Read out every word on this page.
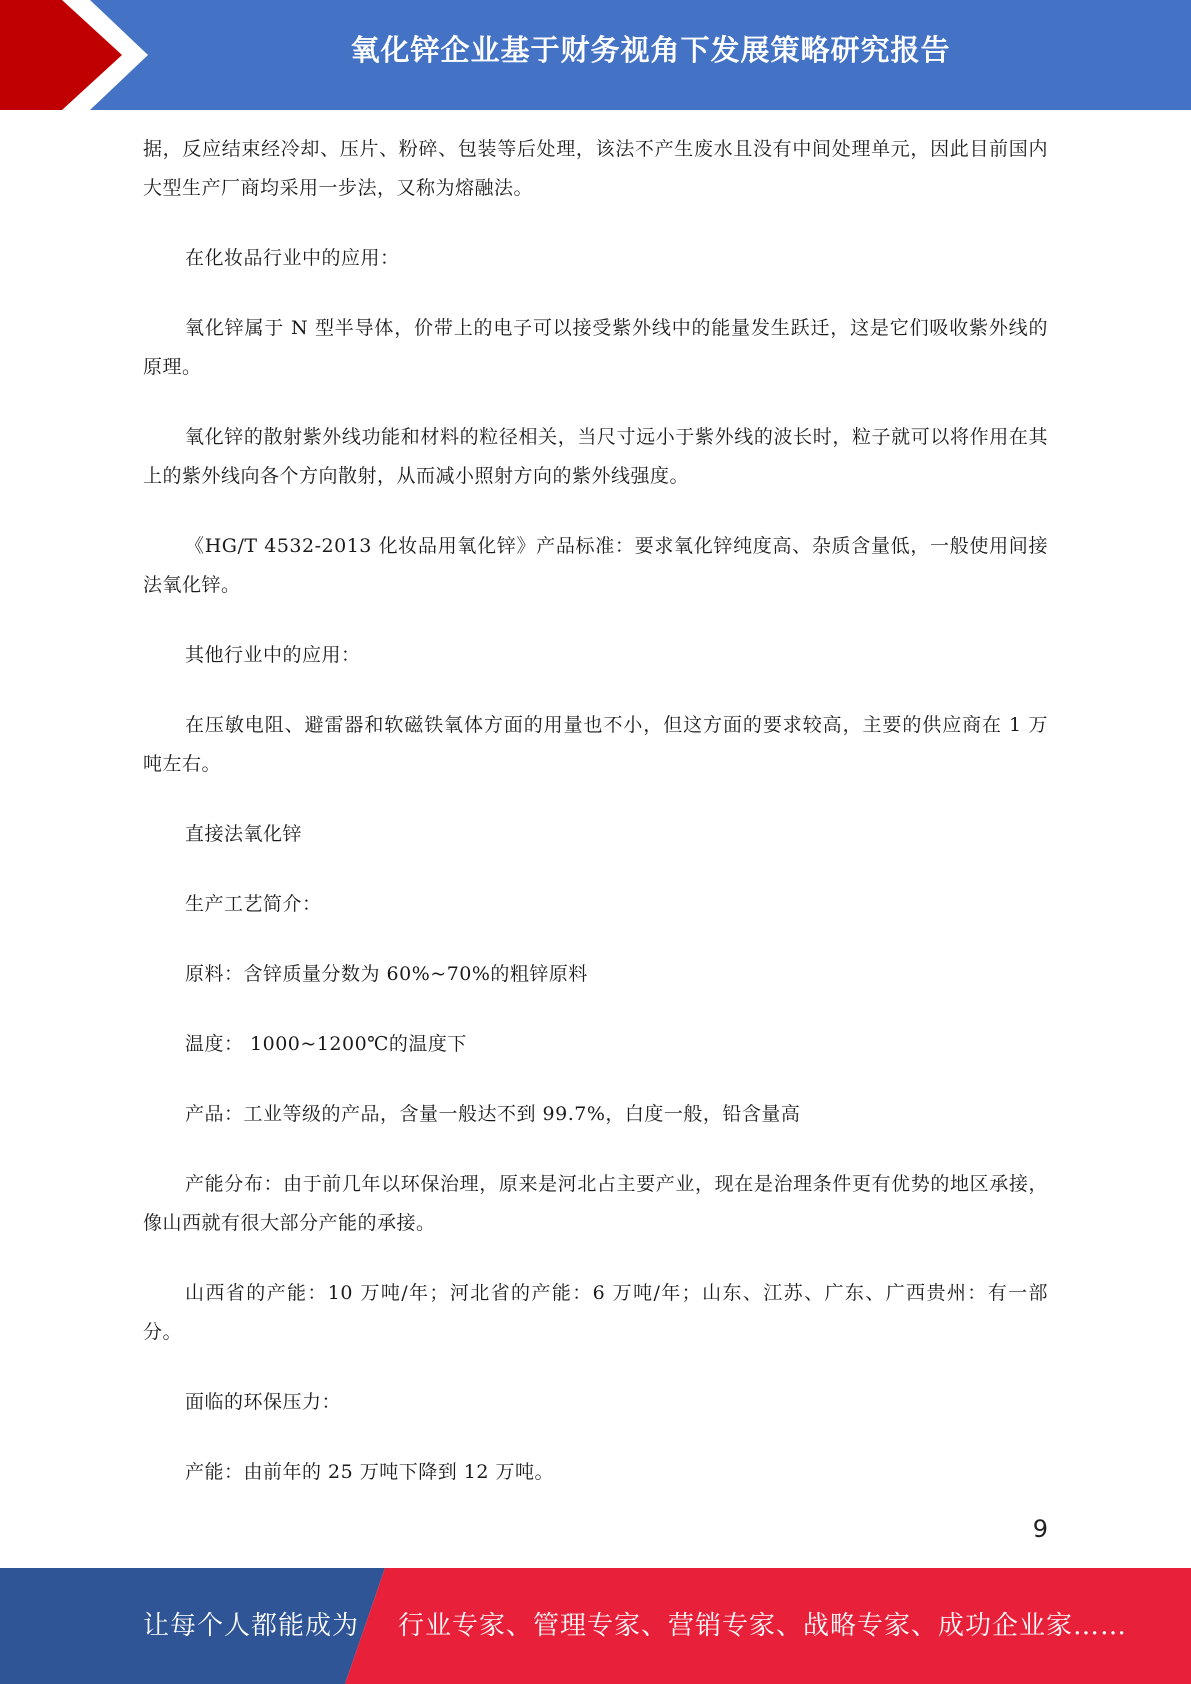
氧化锌企业基于财务视角下发展策略研究报告

据，反应结束经冷却、压片、粉碎、包装等后处理，该法不产生废水且没有中间处理单元，因此目前国内大型生产厂商均采用一步法，又称为熔融法。

在化妆品行业中的应用：

氧化锌属于 N 型半导体，价带上的电子可以接受紫外线中的能量发生跃迁，这是它们吸收紫外线的原理。

氧化锌的散射紫外线功能和材料的粒径相关，当尺寸远小于紫外线的波长时，粒子就可以将作用在其上的紫外线向各个方向散射，从而减小照射方向的紫外线强度。

《HG/T 4532-2013 化妆品用氧化锌》产品标准：要求氧化锌纯度高、杂质含量低，一般使用间接法氧化锌。

其他行业中的应用：

在压敏电阻、避雷器和软磁铁氧体方面的用量也不小，但这方面的要求较高，主要的供应商在 1 万吨左右。

直接法氧化锌

生产工艺简介：

原料：含锌质量分数为 60%~70%的粗锌原料

温度： 1000~1200℃的温度下

产品：工业等级的产品，含量一般达不到 99.7%，白度一般，铅含量高

产能分布：由于前几年以环保治理，原来是河北占主要产业，现在是治理条件更有优势的地区承接，像山西就有很大部分产能的承接。

山西省的产能：10 万吨/年；河北省的产能：6 万吨/年；山东、江苏、广东、广西贵州：有一部分。

面临的环保压力：

产能：由前年的 25 万吨下降到 12 万吨。

9
让每个人都能成为 行业专家、管理专家、营销专家、战略专家、成功企业家……
